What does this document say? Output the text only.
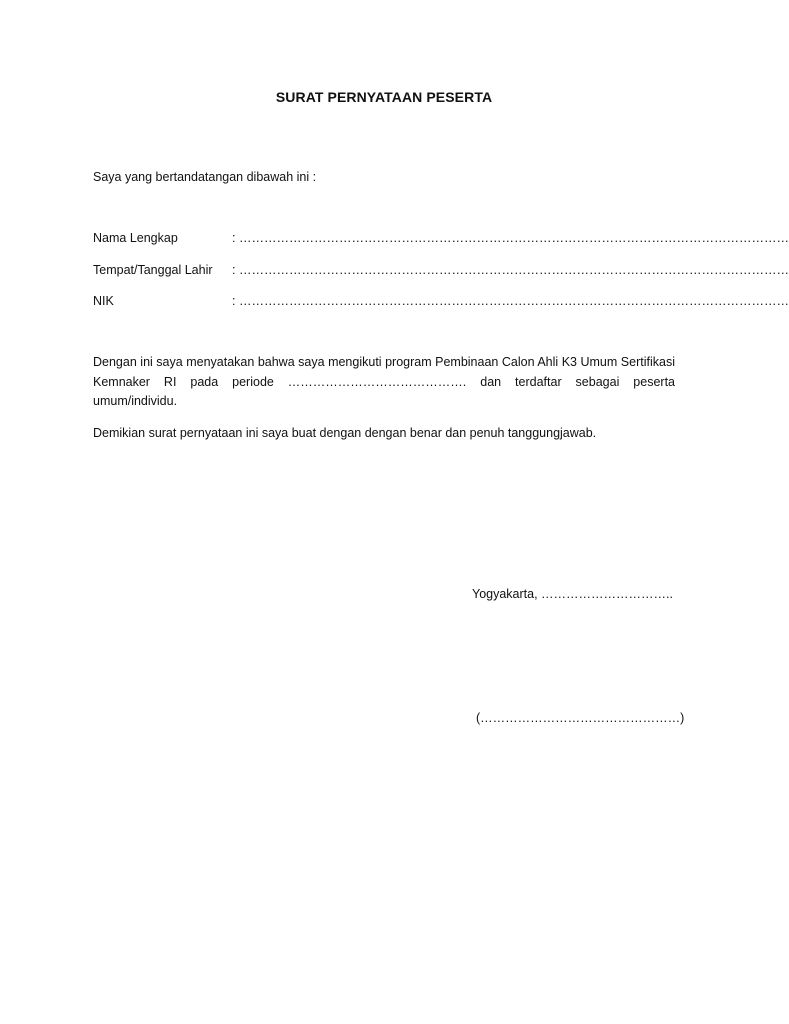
SURAT PERNYATAAN PESERTA
Saya yang bertandatangan dibawah ini :
Nama Lengkap	: ……………………………………………………………………………………………………………………
Tempat/Tanggal Lahir : ……………………………………………………………………………………………………………………
NIK	: ……………………………………………………………………………………………………………………
Dengan ini saya menyatakan bahwa saya mengikuti program Pembinaan Calon Ahli K3 Umum Sertifikasi Kemnaker RI pada periode ……………………………………. dan terdaftar sebagai peserta umum/individu.
Demikian surat pernyataan ini saya buat dengan dengan benar dan penuh tanggungjawab.
Yogyakarta, …………………………..
(…………………………………………)
